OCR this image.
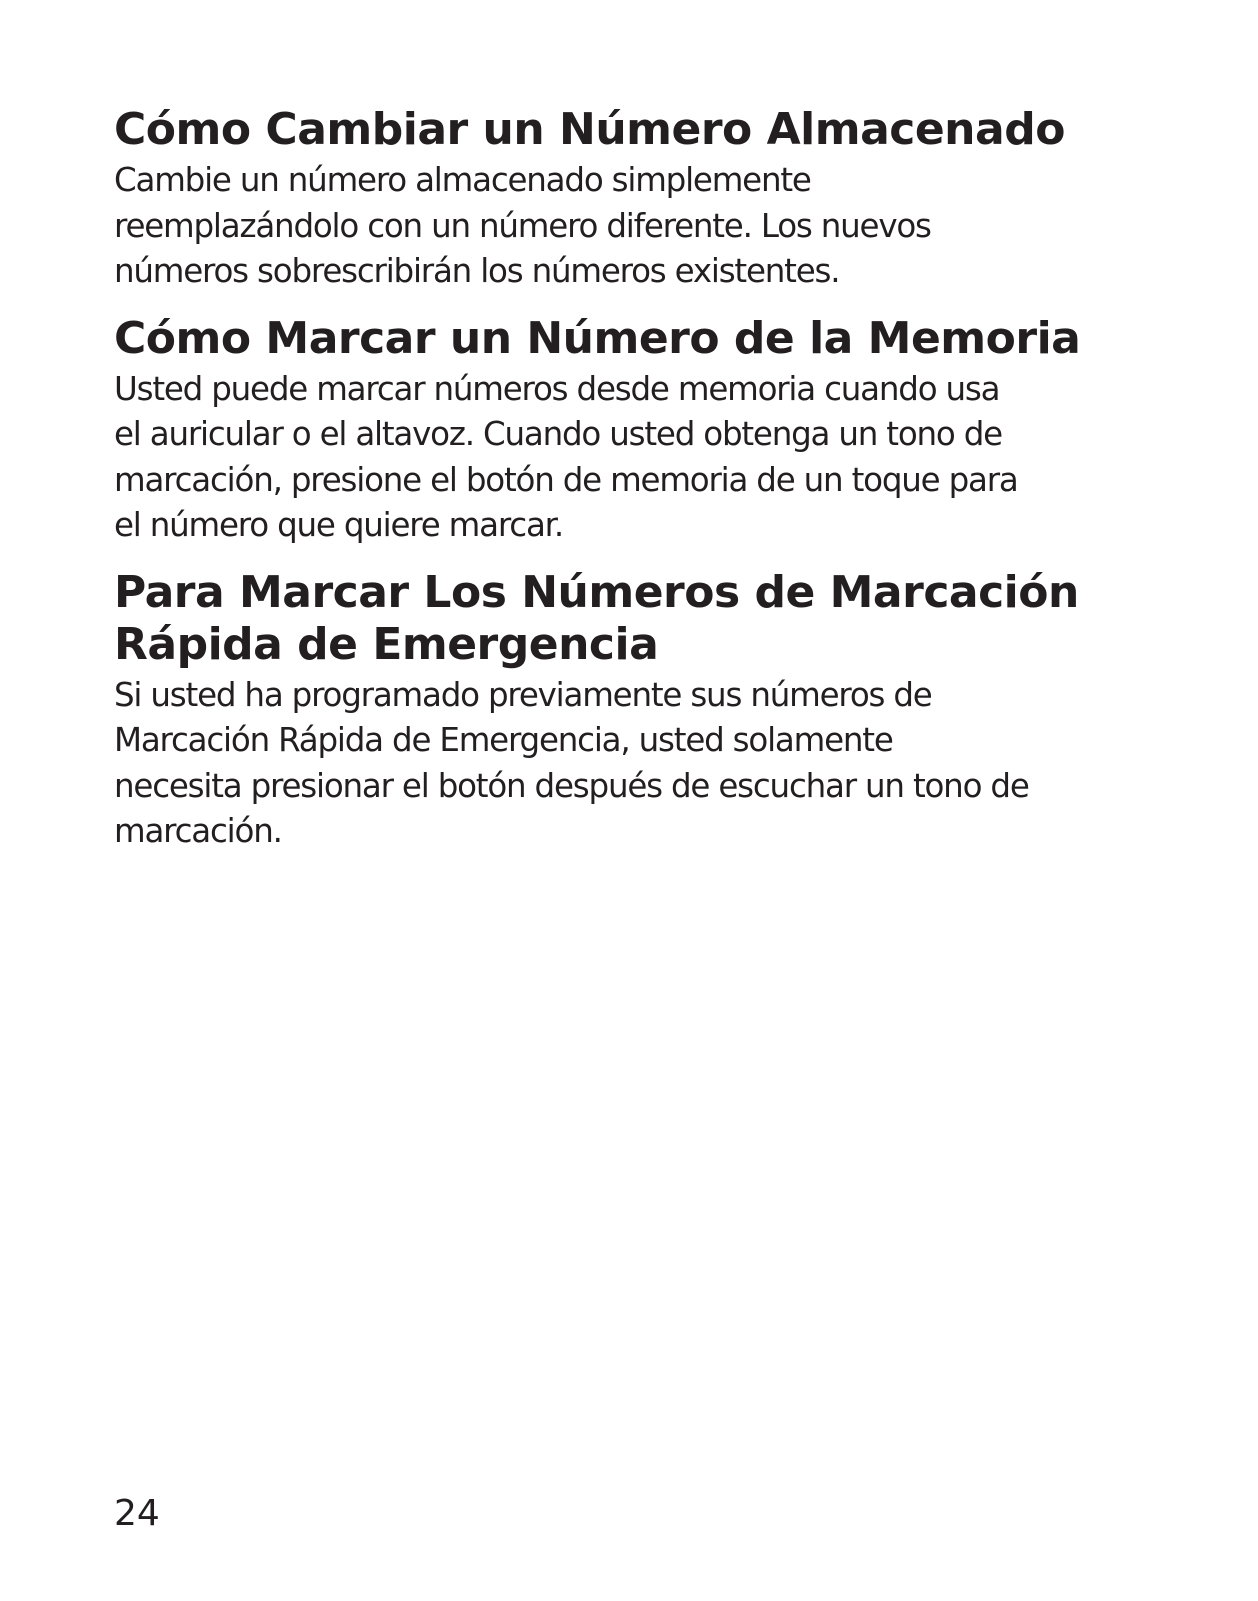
Cómo Cambiar un Número Almacenado

Cambie un número almacenado simplemente
reemplazándolo con un número diferente. Los nuevos
números sobrescribirán los números existentes.

Cómo Marcar un Número de la Memoria

Usted puede marcar números desde memoria cuando usa
el auricular o el altavoz. Cuando usted obtenga un tono de
marcación, presione el botón de memoria de un toque para
el número que quiere marcar.

Para Marcar Los Números de Marcación
Rápida de Emergencia

Si usted ha programado previamente sus números de
Marcación Rápida de Emergencia, usted solamente
necesita presionar el botón después de escuchar un tono de
marcación.

24
